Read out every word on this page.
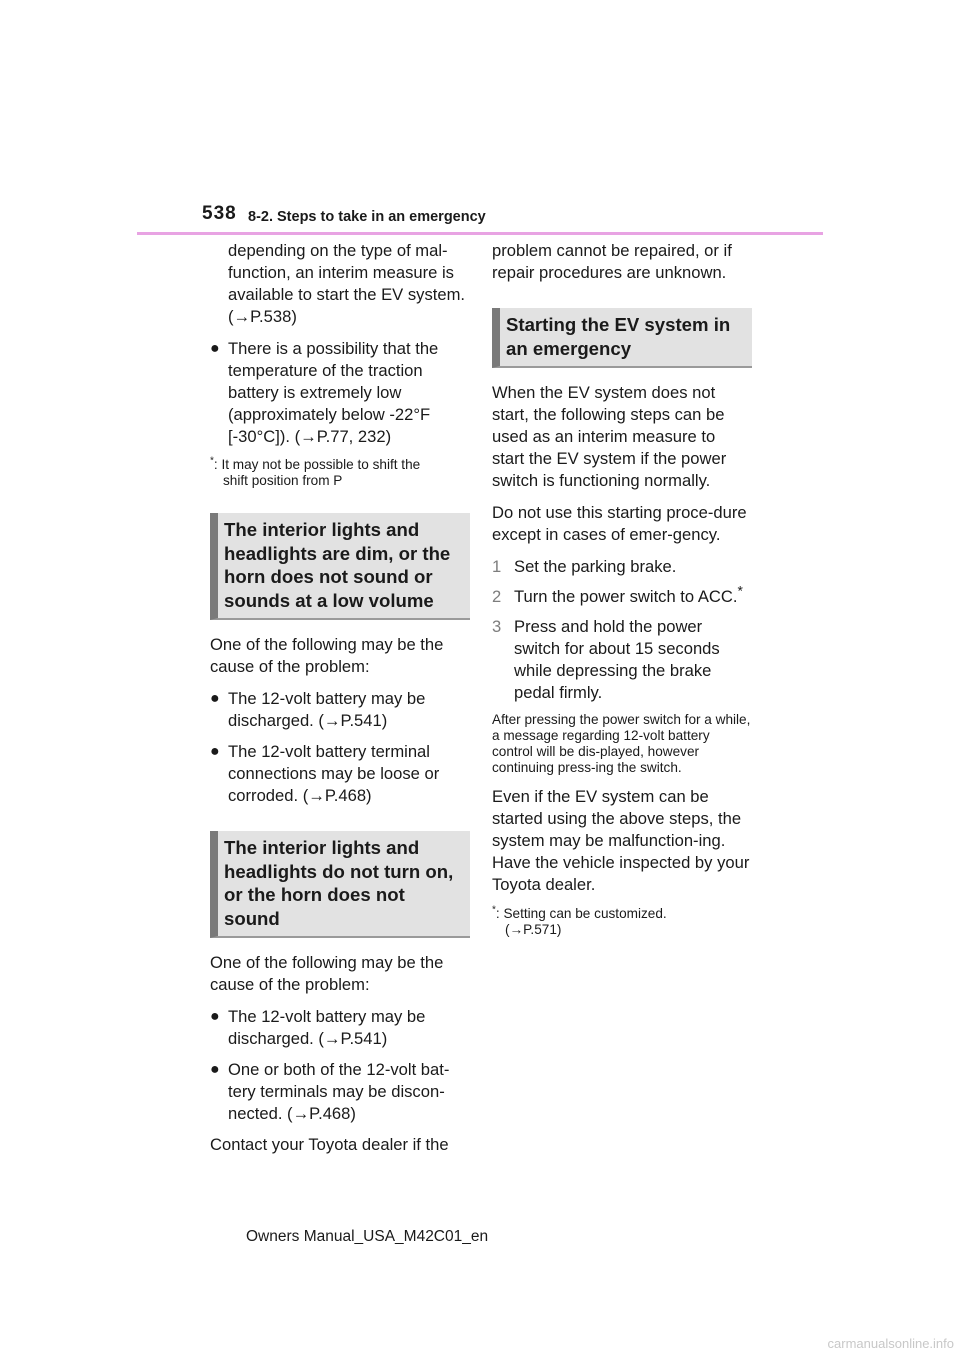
538 8-2. Steps to take in an emergency

depending on the type of mal-function, an interim measure is available to start the EV system. (→P.538)

● There is a possibility that the temperature of the traction battery is extremely low (approximately below -22°F [-30°C]). (→P.77, 232)
*: It may not be possible to shift the
shift position from P
The interior lights and headlights are dim, or the horn does not sound or sounds at a low volume

One of the following may be the cause of the problem:

● The 12-volt battery may be discharged. (→P.541)
● The 12-volt battery terminal connections may be loose or corroded. (→P.468)
The interior lights and headlights do not turn on, or the horn does not sound

One of the following may be the cause of the problem:

● The 12-volt battery may be discharged. (→P.541)
● One or both of the 12-volt bat-tery terminals may be discon-nected. (→P.468)

Contact your Toyota dealer if the

problem cannot be repaired, or if repair procedures are unknown.

Starting the EV system in an emergency

When the EV system does not start, the following steps can be used as an interim measure to start the EV system if the power switch is functioning normally.

Do not use this starting proce-dure except in cases of emer-gency.

1 Set the parking brake.
2 Turn the power switch to ACC.*
3 Press and hold the power switch for about 15 seconds while depressing the brake pedal firmly.

After pressing the power switch for a while, a message regarding 12-volt battery control will be dis-played, however continuing press-ing the switch.

Even if the EV system can be started using the above steps, the system may be malfunction-ing. Have the vehicle inspected by your Toyota dealer.

*: Setting can be customized.
(→P.571)
Owners Manual_USA_M42C01_en
carmanualsonline.info
